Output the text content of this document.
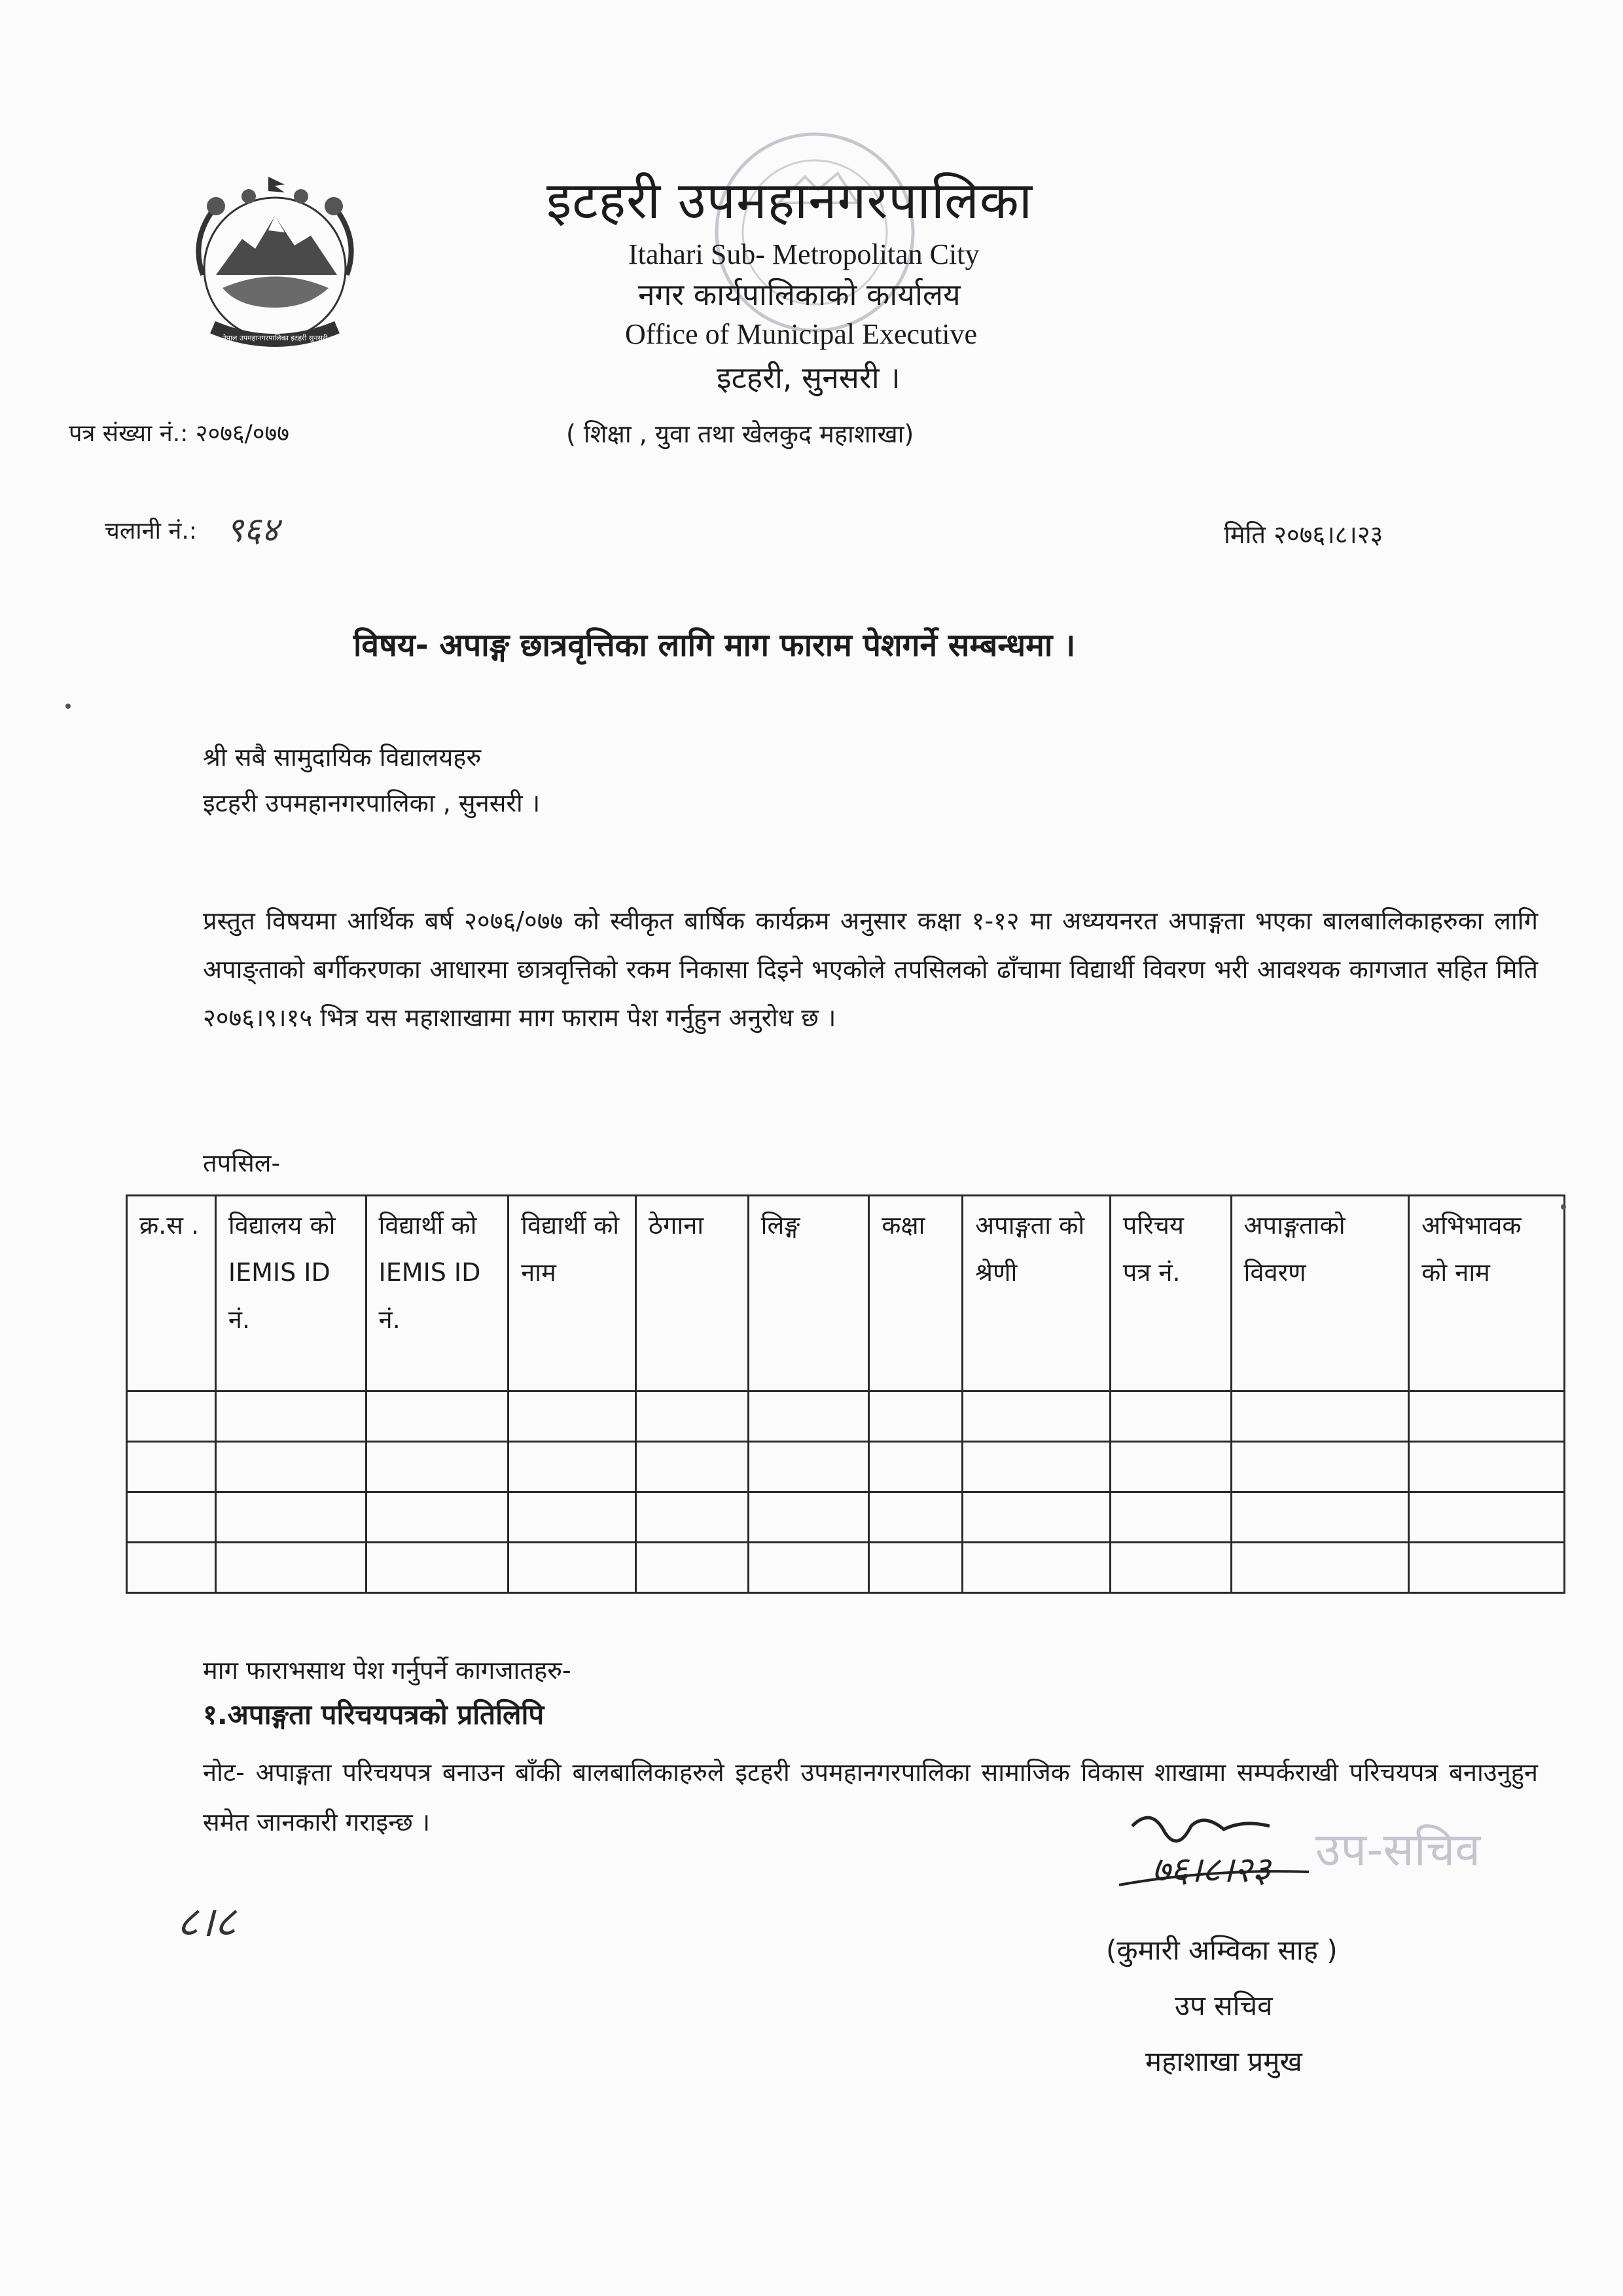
नेपाल उपमहानगरपालिका इटहरी सुनसरी
इटहरी उपमहानगरपालिका
Itahari Sub- Metropolitan City
नगर कार्यपालिकाको कार्यालय
Office of Municipal Executive
इटहरी, सुनसरी ।
पत्र संख्या नं.: २०७६/०७७	( शिक्षा , युवा तथा खेलकुद महाशाखा)
चलानी नं.: ९६४	मिति २०७६।८।२३
विषय- अपाङ्ग छात्रवृत्तिका लागि माग फाराम पेशगर्ने सम्बन्धमा ।
श्री सबै सामुदायिक विद्यालयहरु
इटहरी उपमहानगरपालिका , सुनसरी ।
प्रस्तुत विषयमा आर्थिक बर्ष २०७६/०७७ को स्वीकृत बार्षिक कार्यक्रम अनुसार कक्षा १-१२ मा अध्ययनरत अपाङ्गता भएका बालबालिकाहरुका लागि अपाङ्ताको बर्गीकरणका आधारमा छात्रवृत्तिको रकम निकासा दिइने भएकोले तपसिलको ढाँचामा विद्यार्थी विवरण भरी आवश्यक कागजात सहित मिति २०७६।९।१५ भित्र यस महाशाखामा माग फाराम पेश गर्नुहुन अनुरोध छ ।
तपसिल-
क्र.स .	विद्यालय को IEMIS ID नं.	विद्यार्थी को IEMIS ID नं.	विद्यार्थी को नाम	ठेगाना	लिङ्ग	कक्षा	अपाङ्गता को श्रेणी	परिचय पत्र नं.	अपाङ्गताको विवरण	अभिभावक को नाम

माग फाराभसाथ पेश गर्नुपर्ने कागजातहरु-
१.अपाङ्गता परिचयपत्रको प्रतिलिपि
नोट- अपाङ्गता परिचयपत्र बनाउन बाँकी बालबालिकाहरुले इटहरी उपमहानगरपालिका सामाजिक विकास शाखामा सम्पर्कराखी परिचयपत्र बनाउनुहुन समेत जानकारी गराइन्छ ।
८।८
उप-सचिव
७६।८।२३
(कुमारी अम्विका साह )
उप सचिव
महाशाखा प्रमुख
